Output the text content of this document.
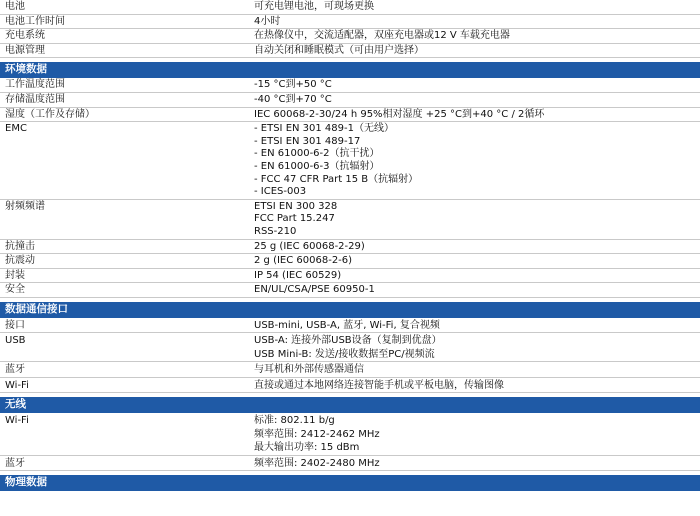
电池	可充电锂电池，可现场更换
电池工作时间	4小时
充电系统	在热像仪中，交流适配器，双座充电器或12 V 车载充电器
电源管理	自动关闭和睡眠模式（可由用户选择）
环境数据
工作温度范围	-15 °C到+50 °C
存储温度范围	-40 °C到+70 °C
湿度（工作及存储）	IEC 60068-2-30/24 h 95%相对湿度 +25 °C到+40 °C / 2循环
EMC	- ETSI EN 301 489-1（无线）
- ETSI EN 301 489-17
- EN 61000-6-2（抗干扰）
- EN 61000-6-3（抗辐射）
- FCC 47 CFR Part 15 B（抗辐射）
- ICES-003
射频频谱	ETSI EN 300 328
FCC Part 15.247
RSS-210
抗撞击	25 g (IEC 60068-2-29)
抗震动	2 g (IEC 60068-2-6)
封装	IP 54 (IEC 60529)
安全	EN/UL/CSA/PSE 60950-1
数据通信接口
接口	USB-mini, USB-A, 蓝牙, Wi-Fi, 复合视频
USB	USB-A: 连接外部USB设备（复制到优盘）
USB Mini-B: 发送/接收数据至PC/视频流
蓝牙	与耳机和外部传感器通信
Wi-Fi	直接或通过本地网络连接智能手机或平板电脑，传输图像
无线
Wi-Fi	标准: 802.11 b/g
频率范围: 2412-2462 MHz
最大输出功率: 15 dBm
蓝牙	频率范围: 2402-2480 MHz
物理数据
